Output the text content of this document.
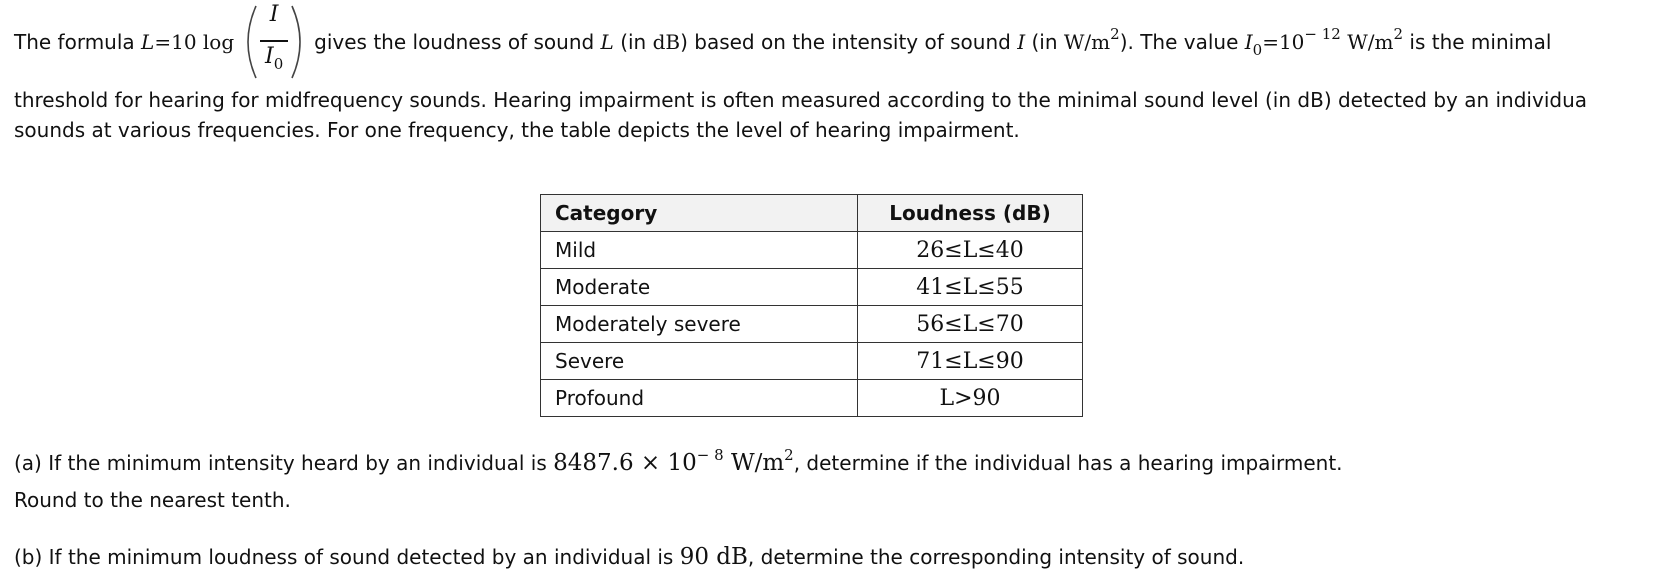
The formula
L = 10
$\log \frac{I}{I_0}$ gives the loudness of sound
L
(in
dB ) based on the intensity of sound
I
(in
$W/m^2$ ). The value
$I_0=10^{- 12}$ $W/m^2$
is the minimal
threshold for hearing for midfrequency sounds. Hearing impairment is often measured according to the minimal sound level (in dB) detected by an individua
sounds at various frequencies. For one frequency, the table depicts the level of hearing impairment.
Category	Loudness (dB)
Mild	26≤L≤40
Moderate	41≤L≤55
Moderately severe	56≤L≤70
Severe	71≤L≤90
Profound	L>90
(a) If the minimum intensity heard by an individual is $8487.6 \times 10^{- 8}$ $W/m^2$, determine if the individual has a hearing impairment.
Round to the nearest tenth.
(b) If the minimum loudness of sound detected by an individual is 90 dB, determine the corresponding intensity of sound.
